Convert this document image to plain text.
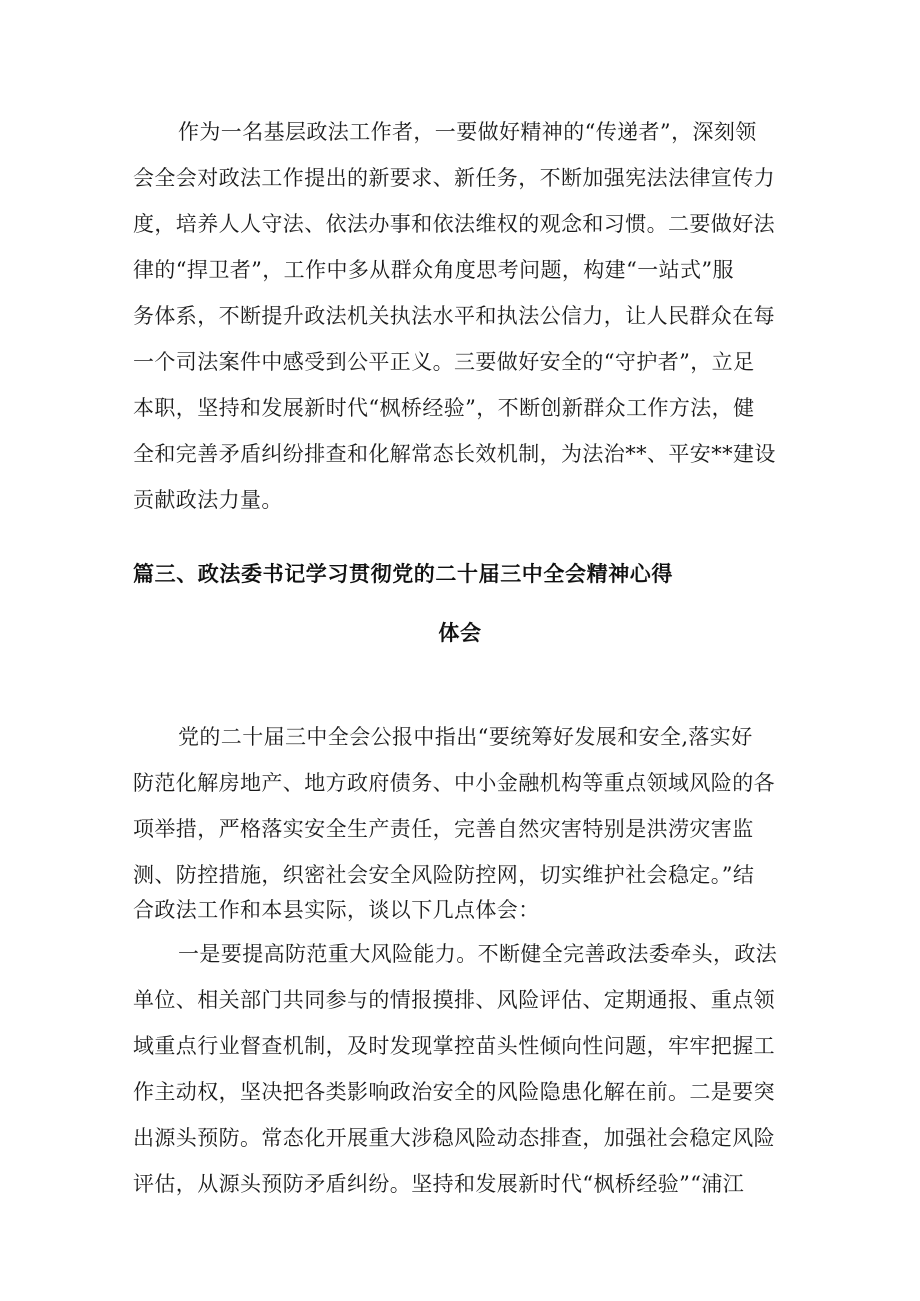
作为一名基层政法工作者，一要做好精神的“传递者”，深刻领
会全会对政法工作提出的新要求、新任务，不断加强宪法法律宣传力
度，培养人人守法、依法办事和依法维权的观念和习惯。二要做好法
律的“捍卫者”，工作中多从群众角度思考问题，构建“一站式”服
务体系，不断提升政法机关执法水平和执法公信力，让人民群众在每
一个司法案件中感受到公平正义。三要做好安全的“守护者”，立足
本职，坚持和发展新时代“枫桥经验”，不断创新群众工作方法，健
全和完善矛盾纠纷排查和化解常态长效机制，为法治**、平安**建设
贡献政法力量。
篇三、政法委书记学习贯彻党的二十届三中全会精神心得
体会
党的二十届三中全会公报中指出“要统筹好发展和安全,落实好
防范化解房地产、地方政府债务、中小金融机构等重点领域风险的各
项举措，严格落实安全生产责任，完善自然灾害特别是洪涝灾害监
测、防控措施，织密社会安全风险防控网，切实维护社会稳定。”结
合政法工作和本县实际，谈以下几点体会：
一是要提高防范重大风险能力。不断健全完善政法委牵头，政法
单位、相关部门共同参与的情报摸排、风险评估、定期通报、重点领
域重点行业督查机制，及时发现掌控苗头性倾向性问题，牢牢把握工
作主动权，坚决把各类影响政治安全的风险隐患化解在前。二是要突
出源头预防。常态化开展重大涉稳风险动态排查，加强社会稳定风险
评估，从源头预防矛盾纠纷。坚持和发展新时代“枫桥经验”“浦江
